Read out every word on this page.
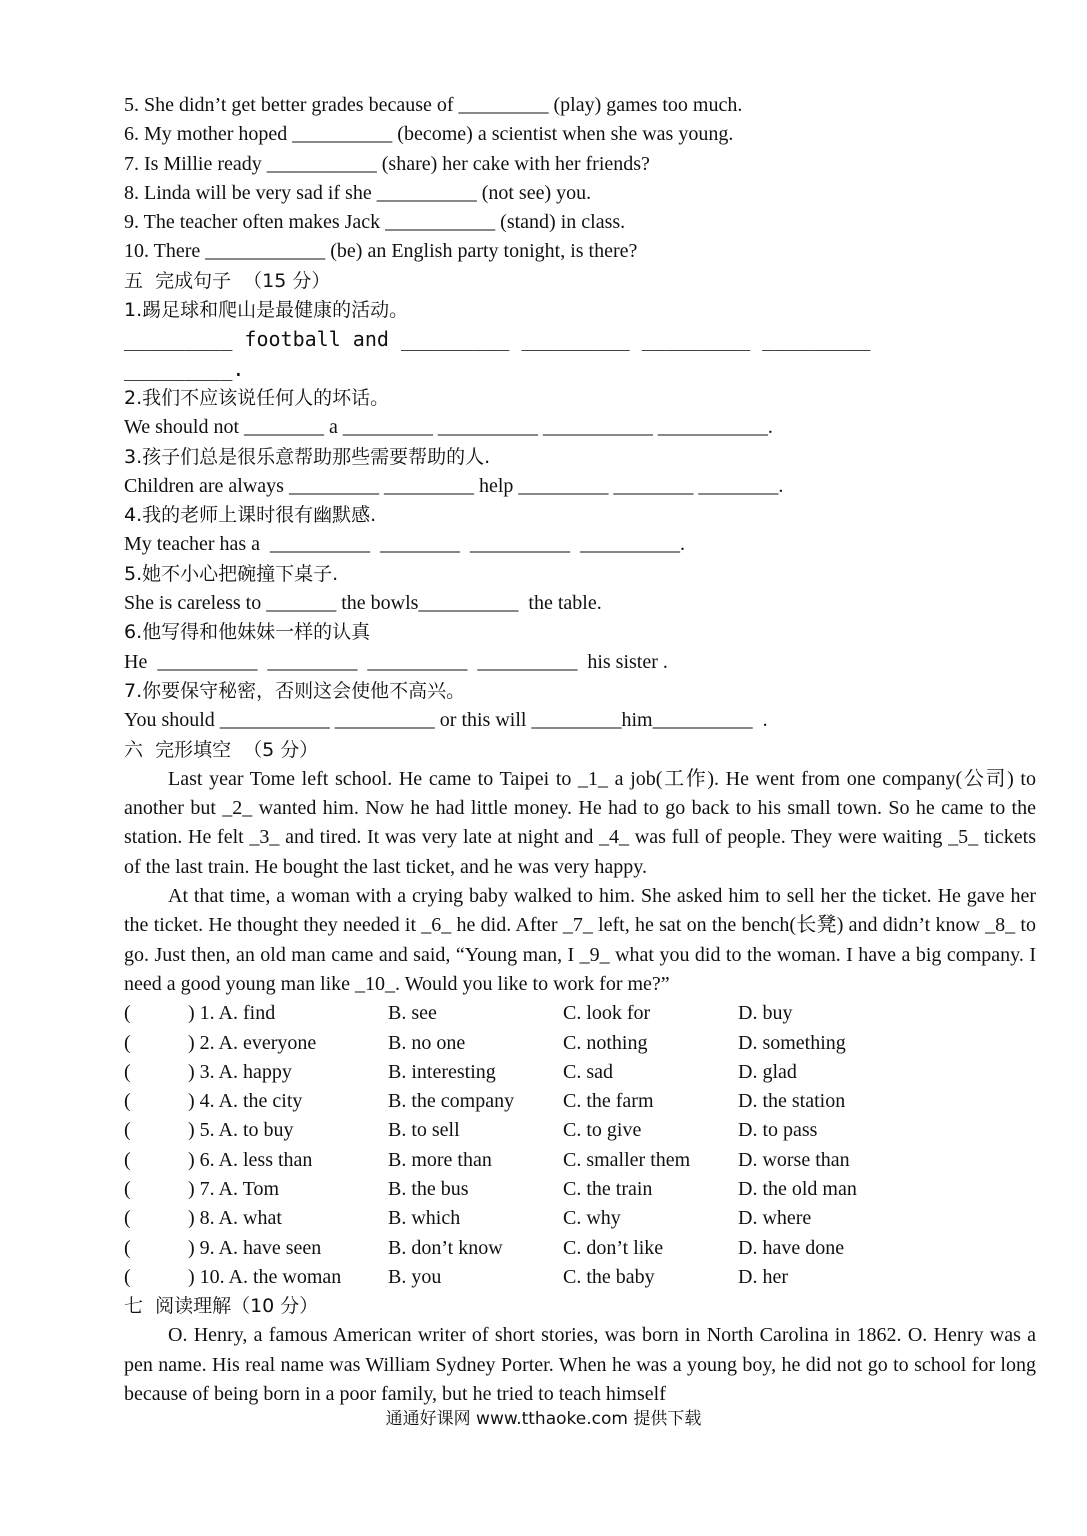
5. She didn’t get better grades because of _________ (play) games too much.
6. My mother hoped __________ (become) a scientist when she was young.
7. Is Millie ready ___________ (share) her cake with her friends?
8. Linda will be very sad if she __________ (not see) you.
9. The teacher often makes Jack ___________ (stand) in class.
10. There ____________ (be) an English party tonight, is there?
五  完成句子  （15 分）
1.踢足球和爬山是最健康的活动。
_________ football and _________ _________ _________ _________
_________.
2.我们不应该说任何人的坏话。
We should not ________ a _________ __________ ___________ ___________.
3.孩子们总是很乐意帮助那些需要帮助的人.
Children are always _________ _________ help _________ ________ ________.
4.我的老师上课时很有幽默感.
My teacher has a  __________  ________  __________  __________.
5.她不小心把碗撞下桌子.
She is careless to _______ the bowls__________  the table.
6.他写得和他妹妹一样的认真
He  __________  _________  __________  __________  his sister .
7.你要保守秘密，否则这会使他不高兴。
You should ___________ __________ or this will _________him__________  .
六  完形填空  （5 分）
Last year Tome left school. He came to Taipei to _1_ a job(工作). He went from one company(公司) to another but _2_ wanted him. Now he had little money. He had to go back to his small town. So he came to the station. He felt _3_ and tired. It was very late at night and _4_ was full of people. They were waiting _5_ tickets of the last train. He bought the last ticket, and he was very happy.
At that time, a woman with a crying baby walked to him. She asked him to sell her the ticket. He gave her the ticket. He thought they needed it _6_ he did. After _7_ left, he sat on the bench(长凳) and didn’t know _8_ to go. Just then, an old man came and said, “Young man, I _9_ what you did to the woman. I have a big company. I need a good young man like _10_. Would you like to work for me?”
(	) 1. A. find	B. see	C. look for	D. buy
(	) 2. A. everyone	B. no one	C. nothing	D. something
(	) 3. A. happy	B. interesting	C. sad	D. glad
(	) 4. A. the city	B. the company	C. the farm	D. the station
(	) 5. A. to buy	B. to sell	C. to give	D. to pass
(	) 6. A. less than	B. more than	C. smaller them	D. worse than
(	) 7. A. Tom	B. the bus	C. the train	D. the old man
(	) 8. A. what	B. which	C. why	D. where
(	) 9. A. have seen	B. don’t know	C. don’t like	D. have done
(	) 10. A. the woman	B. you	C. the baby	D. her
七  阅读理解（10 分）
O. Henry, a famous American writer of short stories, was born in North Carolina in 1862. O. Henry was a pen name. His real name was William Sydney Porter. When he was a young boy, he did not go to school for long because of being born in a poor family, but he tried to teach himself
通通好课网 www.tthaoke.com 提供下载
